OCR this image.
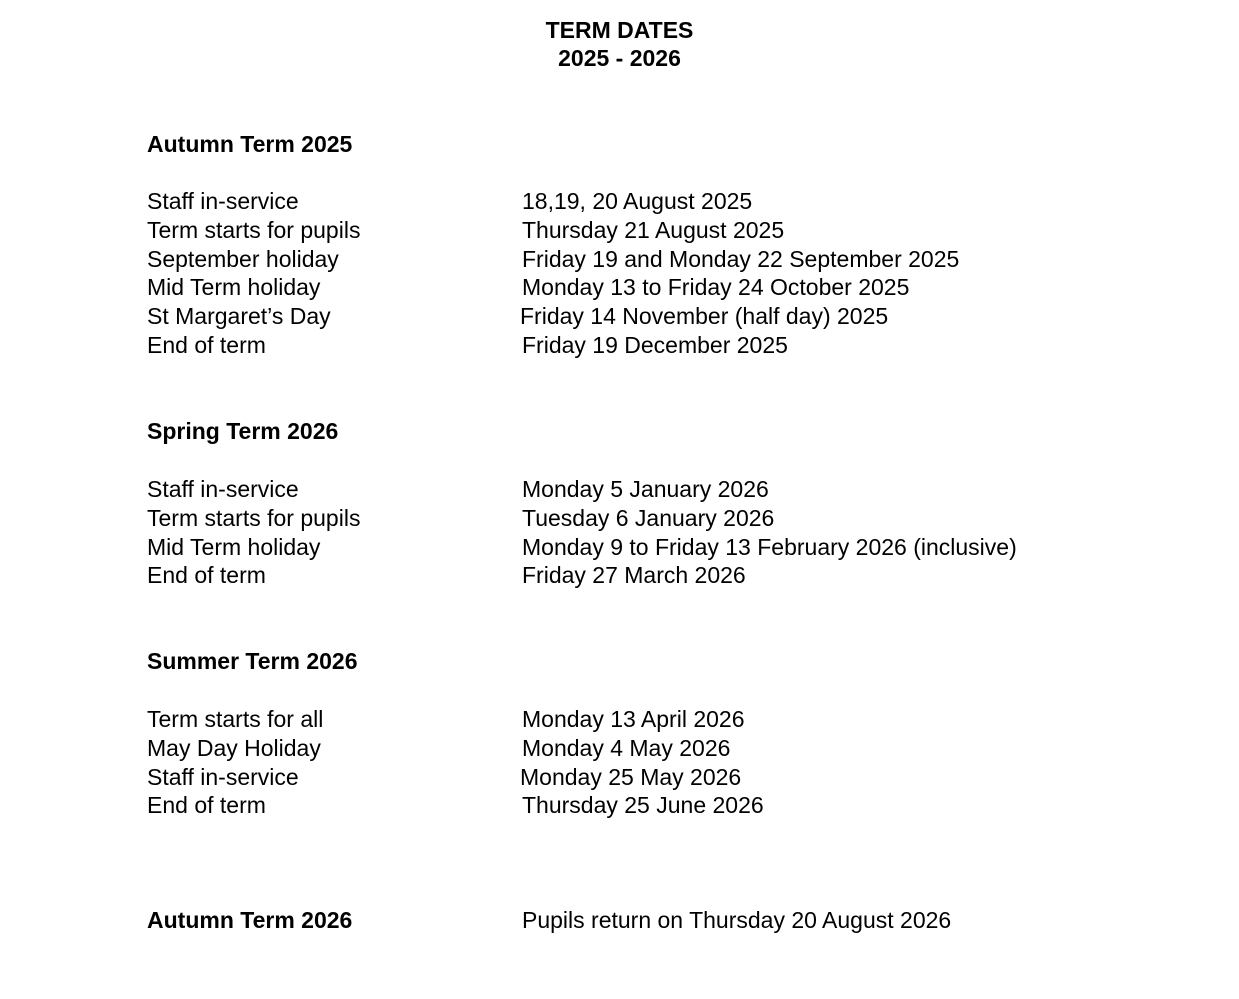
TERM DATES
2025 - 2026
Autumn Term 2025
Staff in-service	18,19, 20 August 2025
Term starts for pupils	Thursday 21 August 2025
September holiday	Friday 19 and Monday 22 September 2025
Mid Term holiday	Monday 13 to Friday 24 October 2025
St Margaret’s Day	Friday 14 November (half day) 2025
End of term	Friday 19 December 2025
Spring Term 2026
Staff in-service	Monday 5 January 2026
Term starts for pupils	Tuesday 6 January 2026
Mid Term holiday	Monday 9 to Friday 13 February 2026 (inclusive)
End of term	Friday 27 March 2026
Summer Term 2026
Term starts for all	Monday 13 April 2026
May Day Holiday	Monday 4 May 2026
Staff in-service	Monday 25 May 2026
End of term	Thursday 25 June 2026
Autumn Term 2026	Pupils return on Thursday 20 August 2026
